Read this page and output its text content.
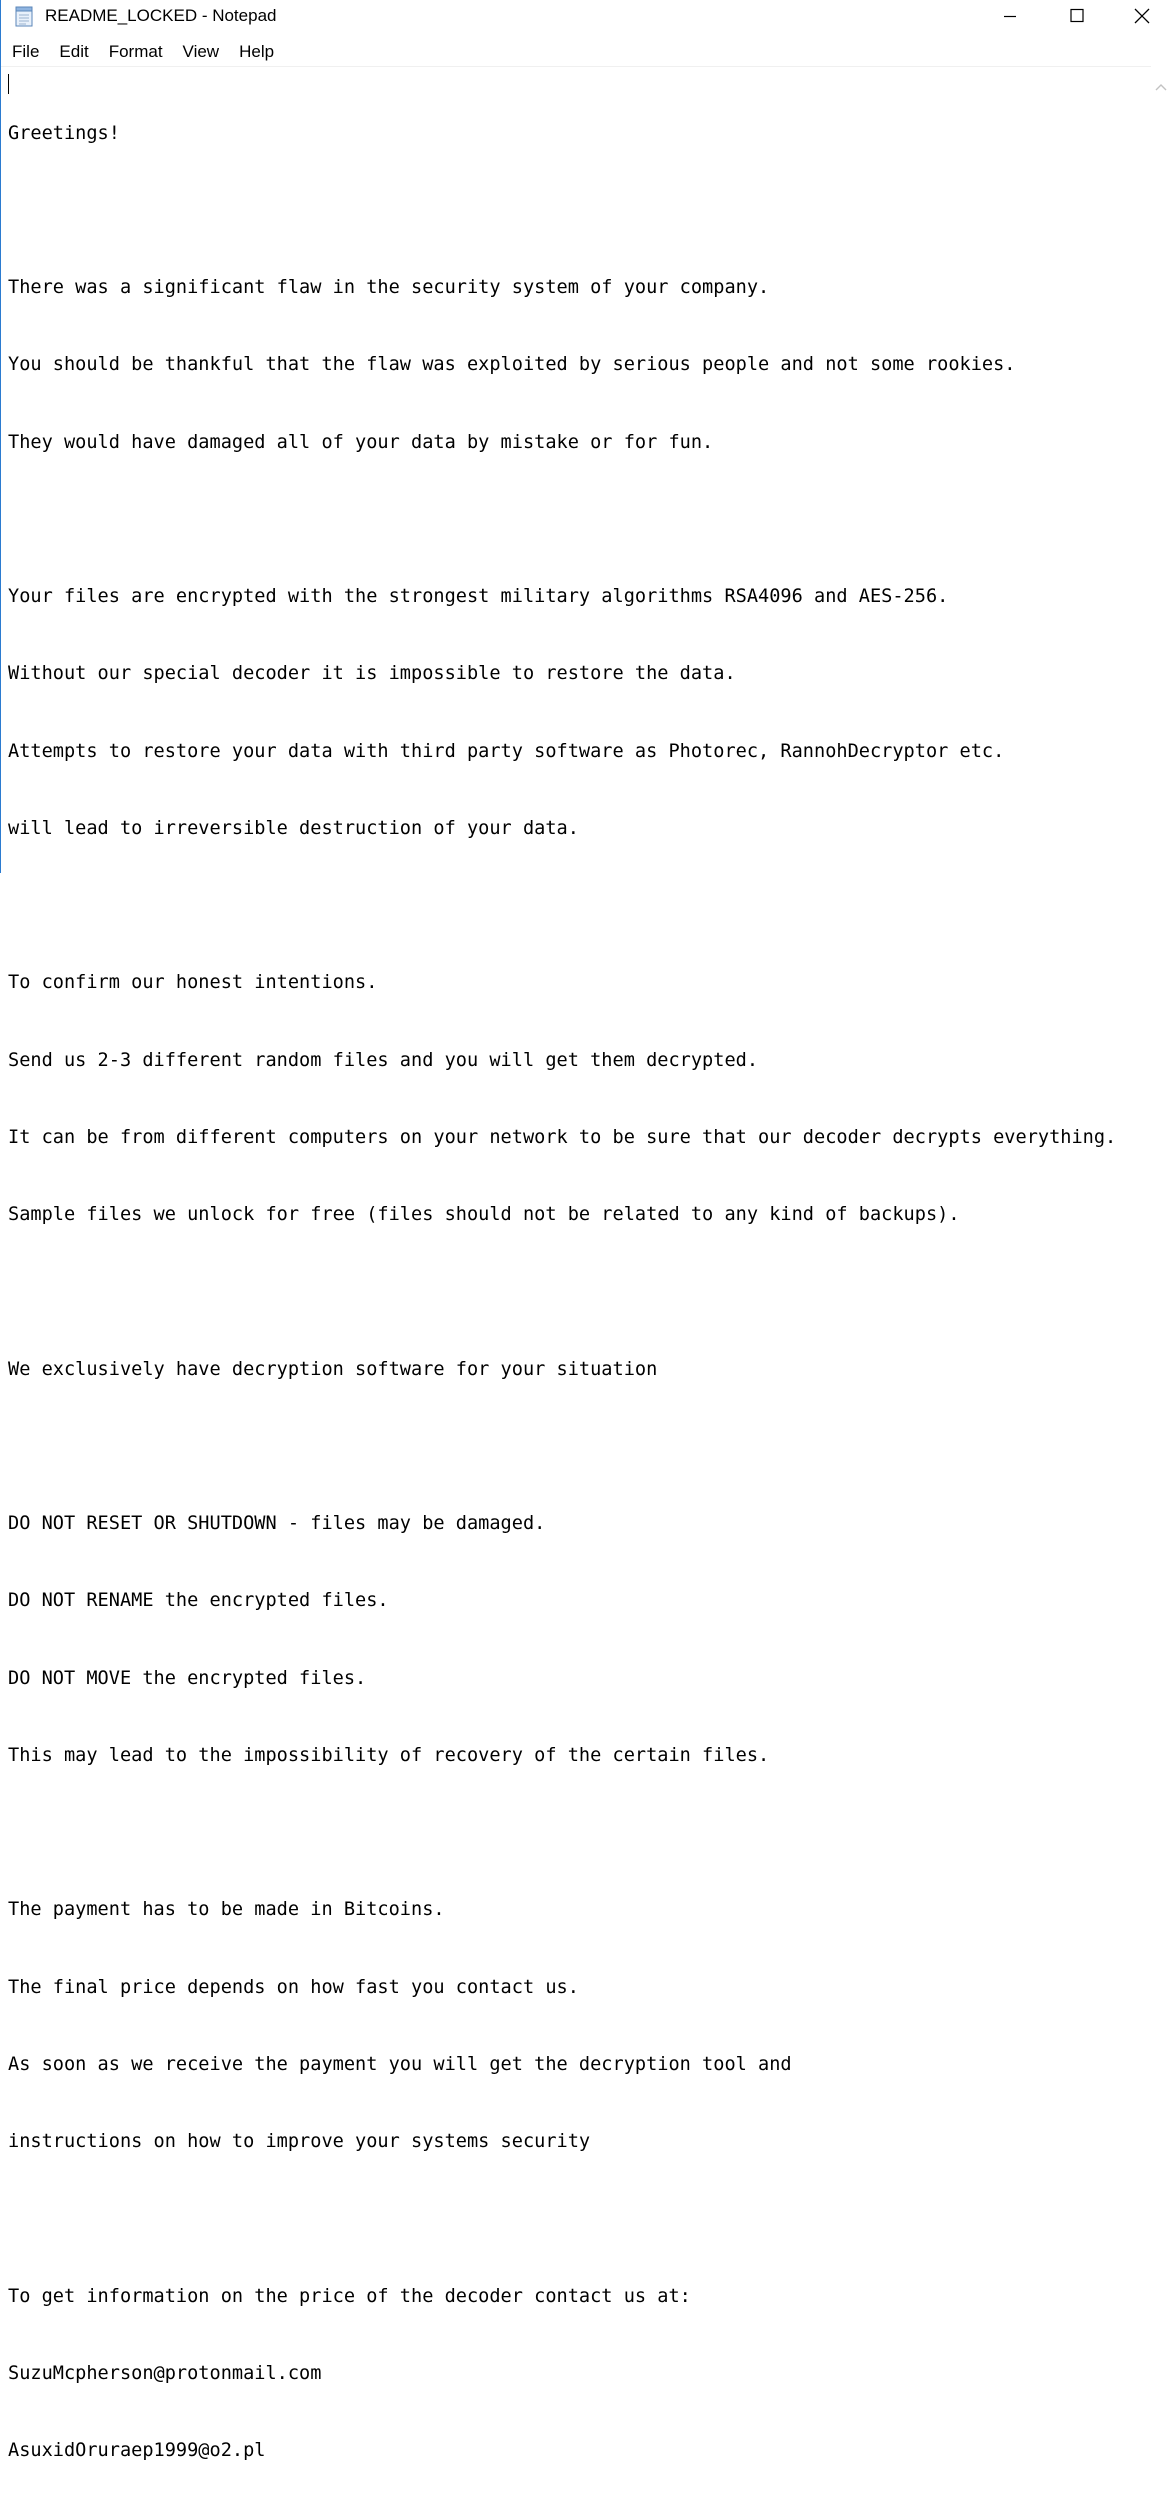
README_LOCKED - Notepad
File	Edit	Format	View	Help

Greetings!

There was a significant flaw in the security system of your company.

You should be thankful that the flaw was exploited by serious people and not some rookies.

They would have damaged all of your data by mistake or for fun.

Your files are encrypted with the strongest military algorithms RSA4096 and AES-256.

Without our special decoder it is impossible to restore the data.

Attempts to restore your data with third party software as Photorec, RannohDecryptor etc.

will lead to irreversible destruction of your data.

To confirm our honest intentions.

Send us 2-3 different random files and you will get them decrypted.

It can be from different computers on your network to be sure that our decoder decrypts everything.

Sample files we unlock for free (files should not be related to any kind of backups).

We exclusively have decryption software for your situation

DO NOT RESET OR SHUTDOWN - files may be damaged.

DO NOT RENAME the encrypted files.

DO NOT MOVE the encrypted files.

This may lead to the impossibility of recovery of the certain files.

The payment has to be made in Bitcoins.

The final price depends on how fast you contact us.

As soon as we receive the payment you will get the decryption tool and

instructions on how to improve your systems security

To get information on the price of the decoder contact us at:

SuzuMcpherson@protonmail.com

AsuxidOruraep1999@o2.pl
